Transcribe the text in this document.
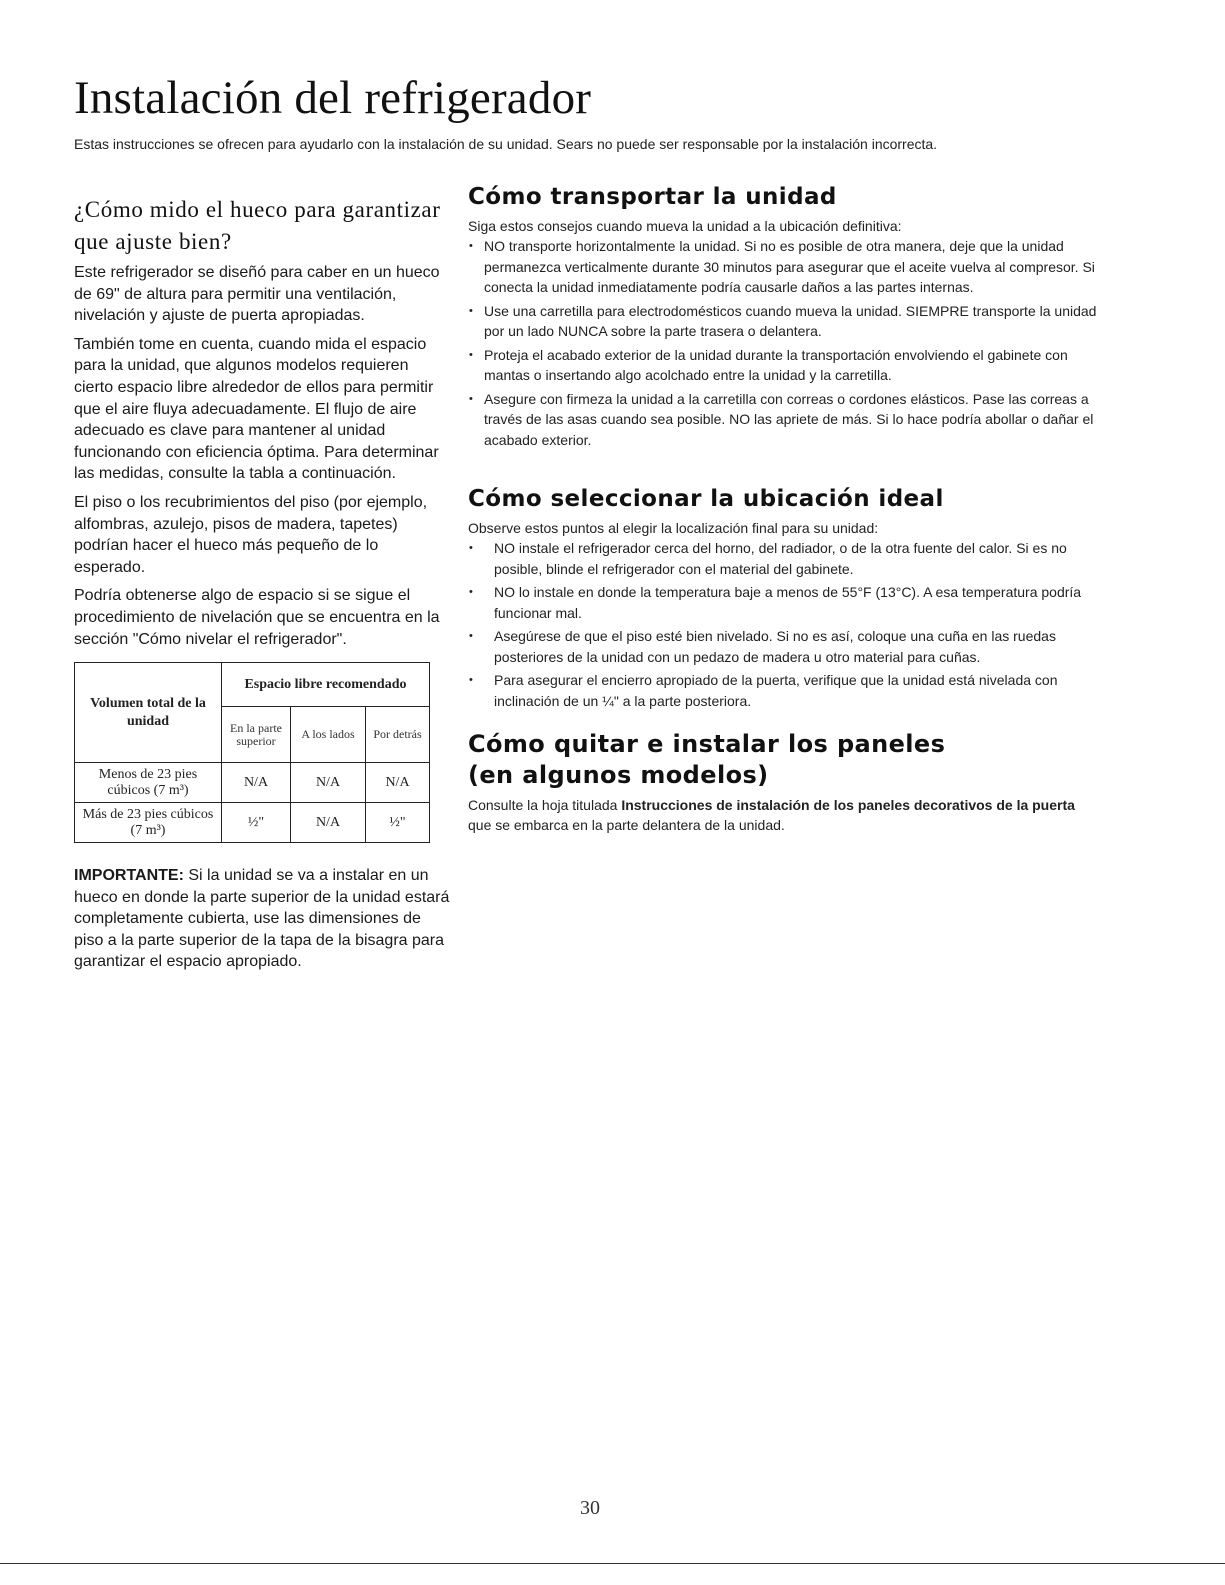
Instalación del refrigerador

Estas instrucciones se ofrecen para ayudarlo con la instalación de su unidad. Sears no puede ser responsable por la instalación incorrecta.

¿Cómo mido el hueco para garantizar que ajuste bien?

Este refrigerador se diseñó para caber en un hueco de 69" de altura para permitir una ventilación, nivelación y ajuste de puerta apropiadas.

También tome en cuenta, cuando mida el espacio para la unidad, que algunos modelos requieren cierto espacio libre alrededor de ellos para permitir que el aire fluya adecuadamente. El flujo de aire adecuado es clave para mantener al unidad funcionando con eficiencia óptima. Para determinar las medidas, consulte la tabla a continuación.

El piso o los recubrimientos del piso (por ejemplo, alfombras, azulejo, pisos de madera, tapetes) podrían hacer el hueco más pequeño de lo esperado.

Podría obtenerse algo de espacio si se sigue el procedimiento de nivelación que se encuentra en la sección "Cómo nivelar el refrigerador".

Volumen total de la unidad	Espacio libre recomendado		
	En la parte superior	A los lados	Por detrás
Menos de 23 pies cúbicos (7 m³)	N/A	N/A	N/A
Más de 23 pies cúbicos (7 m³)	½"	N/A	½"

IMPORTANTE: Si la unidad se va a instalar en un hueco en donde la parte superior de la unidad estará completamente cubierta, use las dimensiones de piso a la parte superior de la tapa de la bisagra para garantizar el espacio apropiado.

Cómo transportar la unidad

Siga estos consejos cuando mueva la unidad a la ubicación definitiva:

• NO transporte horizontalmente la unidad. Si no es posible de otra manera, deje que la unidad permanezca verticalmente durante 30 minutos para asegurar que el aceite vuelva al compresor. Si conecta la unidad inmediatamente podría causarle daños a las partes internas.
• Use una carretilla para electrodomésticos cuando mueva la unidad. SIEMPRE transporte la unidad por un lado NUNCA sobre la parte trasera o delantera.
• Proteja el acabado exterior de la unidad durante la transportación envolviendo el gabinete con mantas o insertando algo acolchado entre la unidad y la carretilla.
• Asegure con firmeza la unidad a la carretilla con correas o cordones elásticos. Pase las correas a través de las asas cuando sea posible. NO las apriete de más. Si lo hace podría abollar o dañar el acabado exterior.
Cómo seleccionar la ubicación ideal

Observe estos puntos al elegir la localización final para su unidad:

• NO instale el refrigerador cerca del horno, del radiador, o de la otra fuente del calor. Si es no posible, blinde el refrigerador con el material del gabinete.
• NO lo instale en donde la temperatura baje a menos de 55°F (13°C). A esa temperatura podría funcionar mal.
• Asegúrese de que el piso esté bien nivelado. Si no es así, coloque una cuña en las ruedas posteriores de la unidad con un pedazo de madera u otro material para cuñas.
• Para asegurar el encierro apropiado de la puerta, verifique que la unidad está nivelada con inclinación de un ¼" a la parte posteriora.
Cómo quitar e instalar los paneles
(en algunos modelos)

Consulte la hoja titulada Instrucciones de instalación de los paneles decorativos de la puerta que se embarca en la parte delantera de la unidad.

30
